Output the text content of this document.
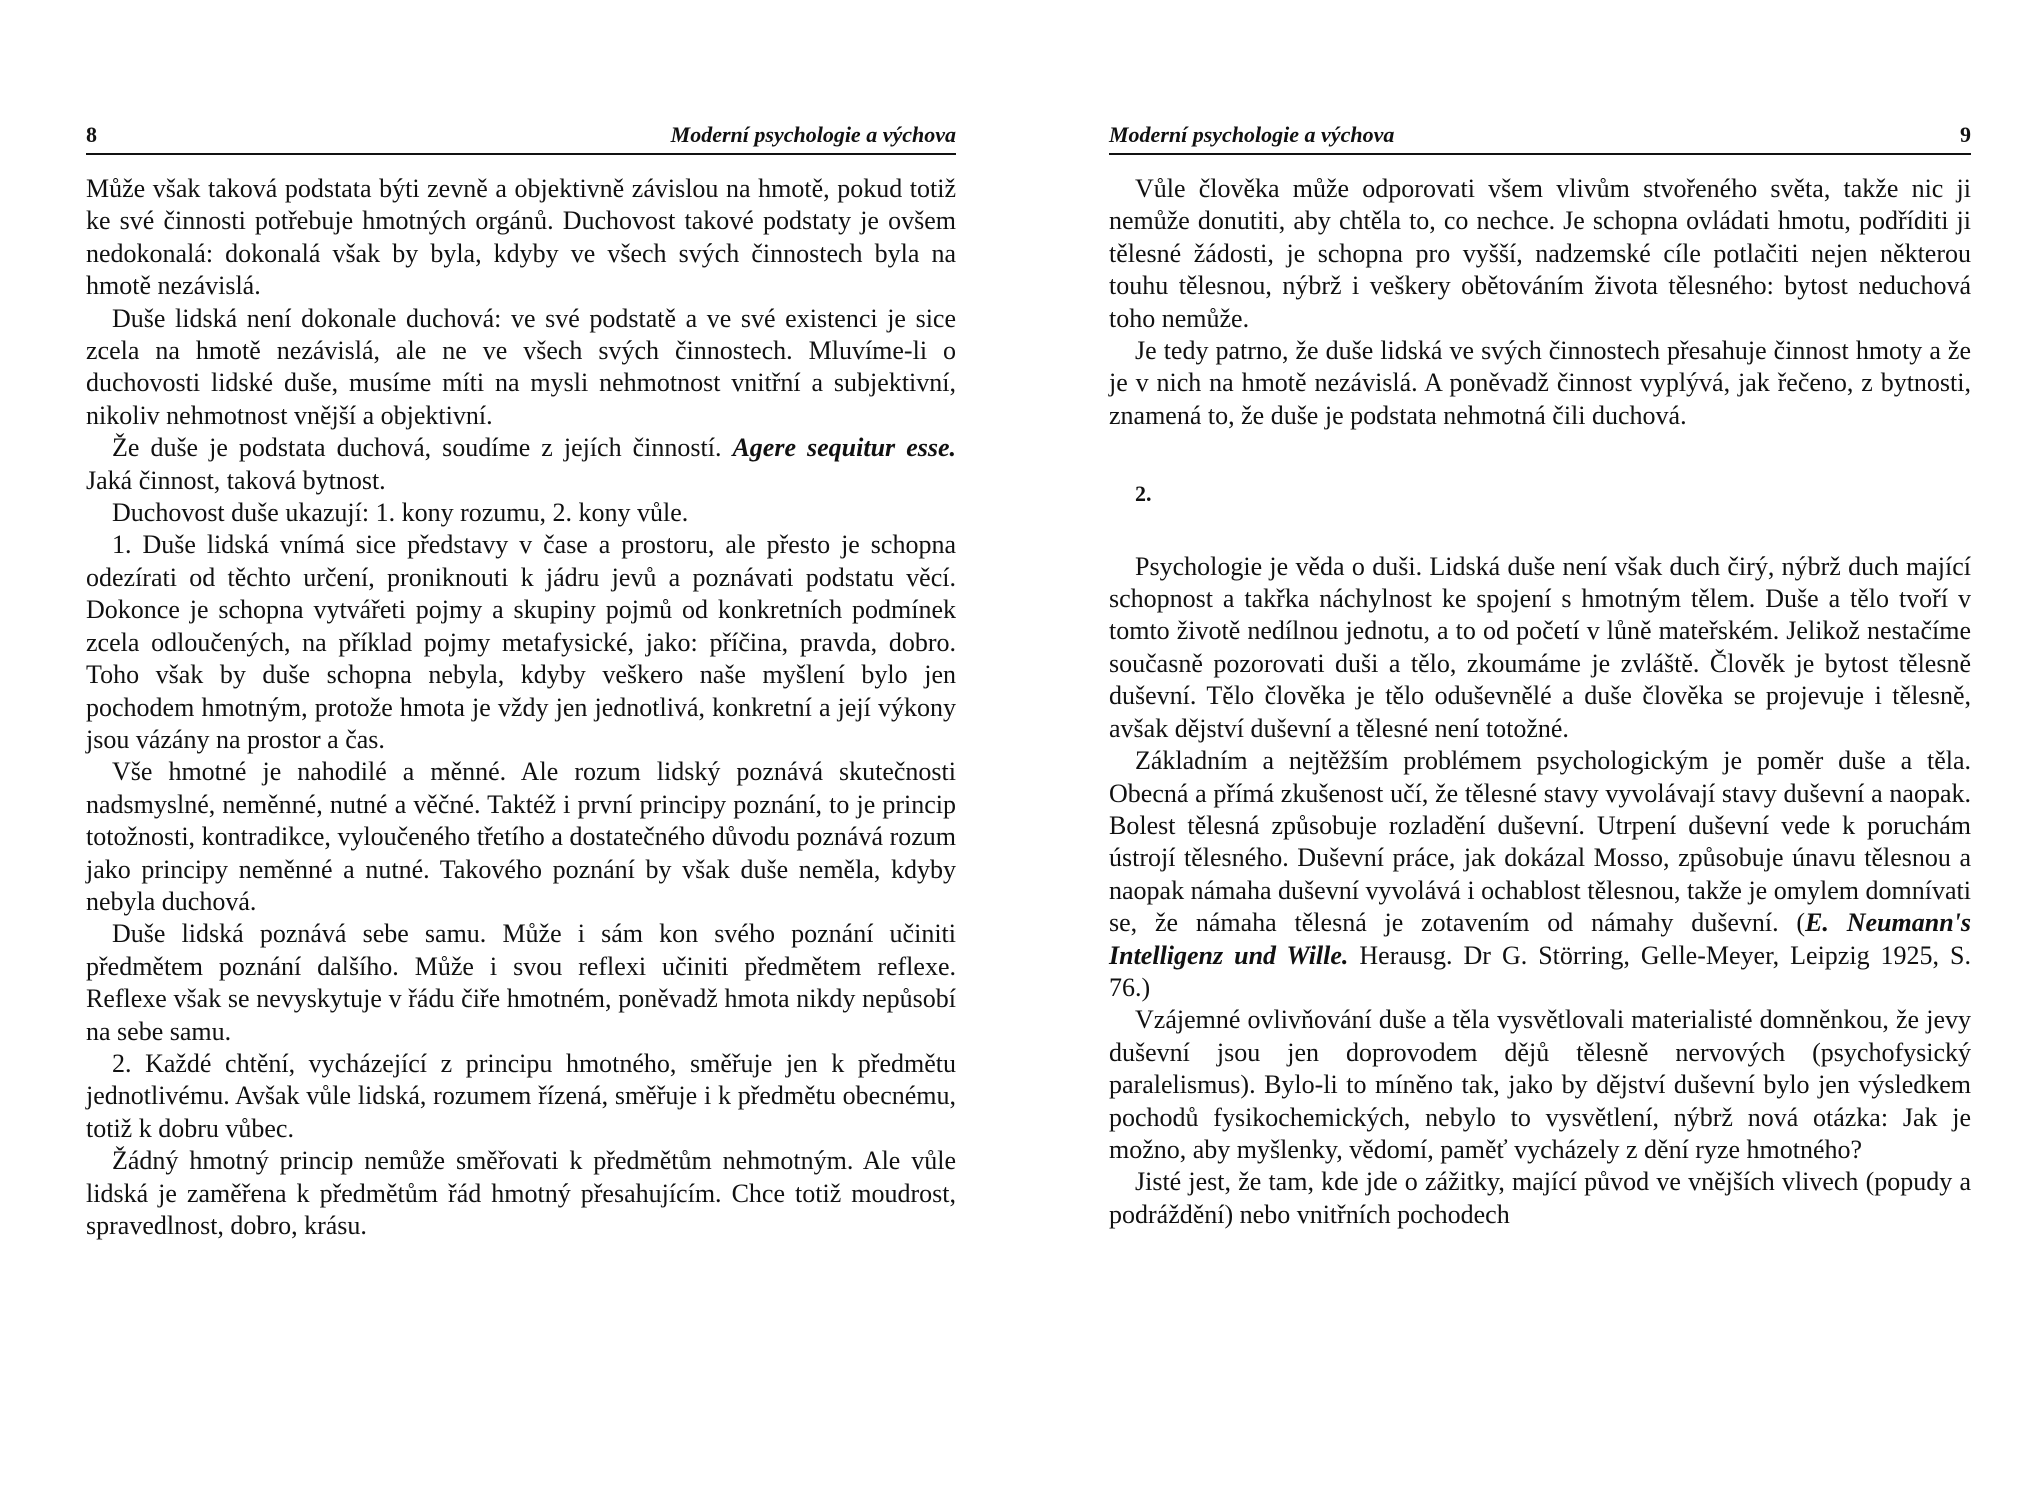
8	Moderní psychologie a výchova

Může však taková podstata býti zevně a objektivně závislou na hmotě, pokud totiž ke své činnosti potřebuje hmotných orgánů. Duchovost takové podstaty je ovšem nedokonalá: dokonalá však by byla, kdyby ve všech svých činnostech byla na hmotě nezávislá.

Duše lidská není dokonale duchová: ve své podstatě a ve své existenci je sice zcela na hmotě nezávislá, ale ne ve všech svých činnostech. Mluvíme-li o duchovosti lidské duše, musíme míti na mysli nehmotnost vnitřní a subjektivní, nikoliv nehmotnost vnější a objektivní.

Že duše je podstata duchová, soudíme z jejích činností. Agere sequitur esse. Jaká činnost, taková bytnost.

Duchovost duše ukazují: 1. kony rozumu, 2. kony vůle.

1. Duše lidská vnímá sice představy v čase a prostoru, ale přesto je schopna odezírati od těchto určení, proniknouti k jádru jevů a poznávati podstatu věcí. Dokonce je schopna vytvářeti pojmy a skupiny pojmů od konkretních podmínek zcela odloučených, na příklad pojmy metafysické, jako: příčina, pravda, dobro. Toho však by duše schopna nebyla, kdyby veškero naše myšlení bylo jen pochodem hmotným, protože hmota je vždy jen jednotlivá, konkretní a její výkony jsou vázány na prostor a čas.

Vše hmotné je nahodilé a měnné. Ale rozum lidský poznává skutečnosti nadsmyslné, neměnné, nutné a věčné. Taktéž i první principy poznání, to je princip totožnosti, kontradikce, vyloučeného třetího a dostatečného důvodu poznává rozum jako principy neměnné a nutné. Takového poznání by však duše neměla, kdyby nebyla duchová.

Duše lidská poznává sebe samu. Může i sám kon svého poznání učiniti předmětem poznání dalšího. Může i svou reflexi učiniti předmětem reflexe. Reflexe však se nevyskytuje v řádu čiře hmotném, poněvadž hmota nikdy nepůsobí na sebe samu.

2. Každé chtění, vycházející z principu hmotného, směřuje jen k předmětu jednotlivému. Avšak vůle lidská, rozumem řízená, směřuje i k předmětu obecnému, totiž k dobru vůbec.

Žádný hmotný princip nemůže směřovati k předmětům nehmotným. Ale vůle lidská je zaměřena k předmětům řád hmotný přesahujícím. Chce totiž moudrost, spravedlnost, dobro, krásu.

Moderní psychologie a výchova	9

Vůle člověka může odporovati všem vlivům stvořeného světa, takže nic ji nemůže donutiti, aby chtěla to, co nechce. Je schopna ovládati hmotu, podříditi ji tělesné žádosti, je schopna pro vyšší, nadzemské cíle potlačiti nejen některou touhu tělesnou, nýbrž i veškery obětováním života tělesného: bytost neduchová toho nemůže.

Je tedy patrno, že duše lidská ve svých činnostech přesahuje činnost hmoty a že je v nich na hmotě nezávislá. A poněvadž činnost vyplývá, jak řečeno, z bytnosti, znamená to, že duše je podstata nehmotná čili duchová.

2.

Psychologie je věda o duši. Lidská duše není však duch čirý, nýbrž duch mající schopnost a takřka náchylnost ke spojení s hmotným tělem. Duše a tělo tvoří v tomto životě nedílnou jednotu, a to od početí v lůně mateřském. Jelikož nestačíme současně pozorovati duši a tělo, zkoumáme je zvláště. Člověk je bytost tělesně duševní. Tělo člověka je tělo oduševnělé a duše člověka se projevuje i tělesně, avšak dějství duševní a tělesné není totožné.

Základním a nejtěžším problémem psychologickým je poměr duše a těla. Obecná a přímá zkušenost učí, že tělesné stavy vyvolávají stavy duševní a naopak. Bolest tělesná způsobuje rozladění duševní. Utrpení duševní vede k poruchám ústrojí tělesného. Duševní práce, jak dokázal Mosso, způsobuje únavu tělesnou a naopak námaha duševní vyvolává i ochablost tělesnou, takže je omylem domnívati se, že námaha tělesná je zotavením od námahy duševní. (E. Neumann's Intelligenz und Wille. Herausg. Dr G. Störring, Gelle-Meyer, Leipzig 1925, S. 76.)

Vzájemné ovlivňování duše a těla vysvětlovali materialisté domněnkou, že jevy duševní jsou jen doprovodem dějů tělesně nervových (psychofysický paralelismus). Bylo-li to míněno tak, jako by dějství duševní bylo jen výsledkem pochodů fysikochemických, nebylo to vysvětlení, nýbrž nová otázka: Jak je možno, aby myšlenky, vědomí, paměť vycházely z dění ryze hmotného?

Jisté jest, že tam, kde jde o zážitky, mající původ ve vnějších vlivech (popudy a podráždění) nebo vnitřních pochodech
